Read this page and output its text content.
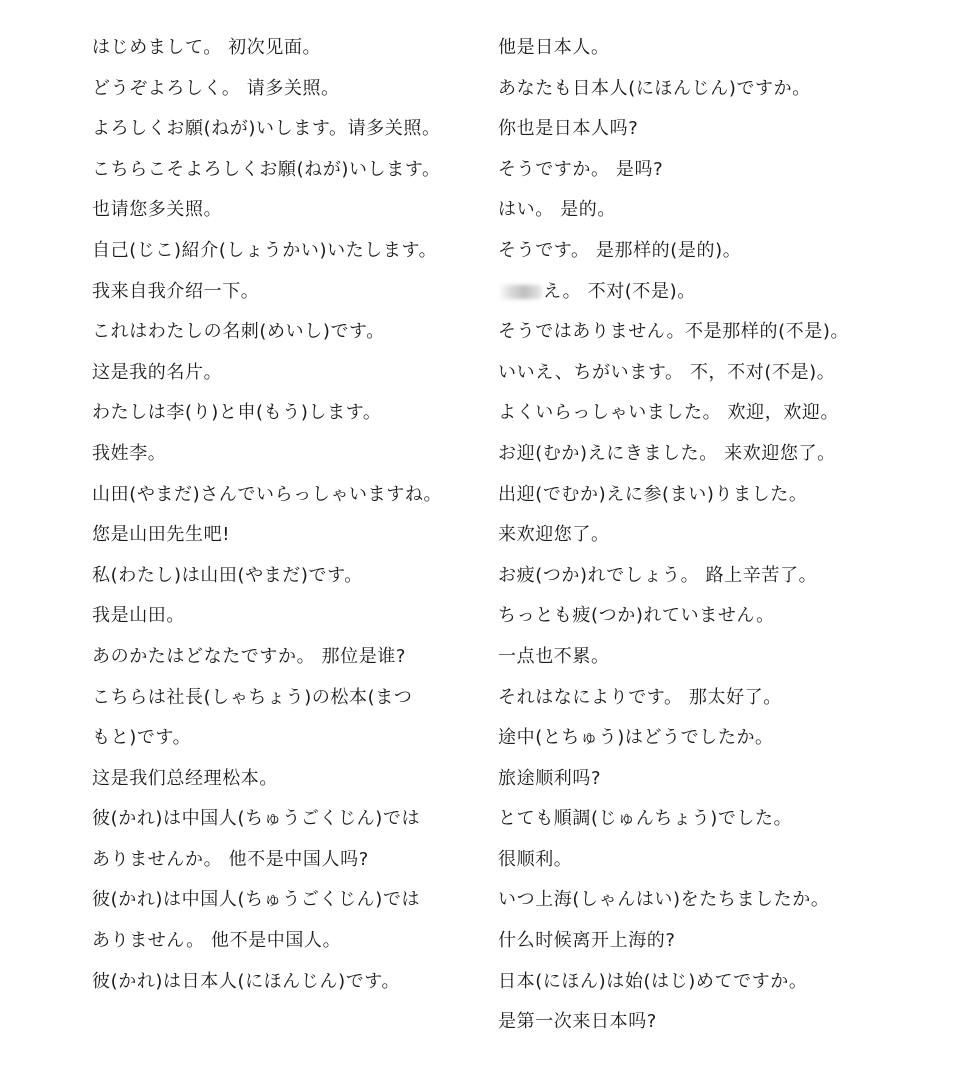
はじめまして。 初次见面。
どうぞよろしく。 请多关照。
よろしくお願(ねが)いします。请多关照。
こちらこそよろしくお願(ねが)いします。
也请您多关照。
自己(じこ)紹介(しょうかい)いたします。
我来自我介绍一下。
これはわたしの名刺(めいし)です。
这是我的名片。
わたしは李(り)と申(もう)します。
我姓李。
山田(やまだ)さんでいらっしゃいますね。
您是山田先生吧!
私(わたし)は山田(やまだ)です。
我是山田。
あのかたはどなたですか。 那位是谁?
こちらは社長(しゃちょう)の松本(まつ
もと)です。
这是我们总经理松本。
彼(かれ)は中国人(ちゅうごくじん)では
ありませんか。 他不是中国人吗?
彼(かれ)は中国人(ちゅうごくじん)では
ありません。 他不是中国人。
彼(かれ)は日本人(にほんじん)です。
他是日本人。
あなたも日本人(にほんじん)ですか。
你也是日本人吗?
そうですか。 是吗?
はい。 是的。
そうです。 是那样的(是的)。
え。 不对(不是)。
そうではありません。不是那样的(不是)。
いいえ、ちがいます。 不，不对(不是)。
よくいらっしゃいました。 欢迎，欢迎。
お迎(むか)えにきました。 来欢迎您了。
出迎(でむか)えに参(まい)りました。
来欢迎您了。
お疲(つか)れでしょう。 路上辛苦了。
ちっとも疲(つか)れていません。
一点也不累。
それはなによりです。 那太好了。
途中(とちゅう)はどうでしたか。
旅途顺利吗?
とても順調(じゅんちょう)でした。
很顺利。
いつ上海(しゃんはい)をたちましたか。
什么时候离开上海的?
日本(にほん)は始(はじ)めてですか。
是第一次来日本吗?
